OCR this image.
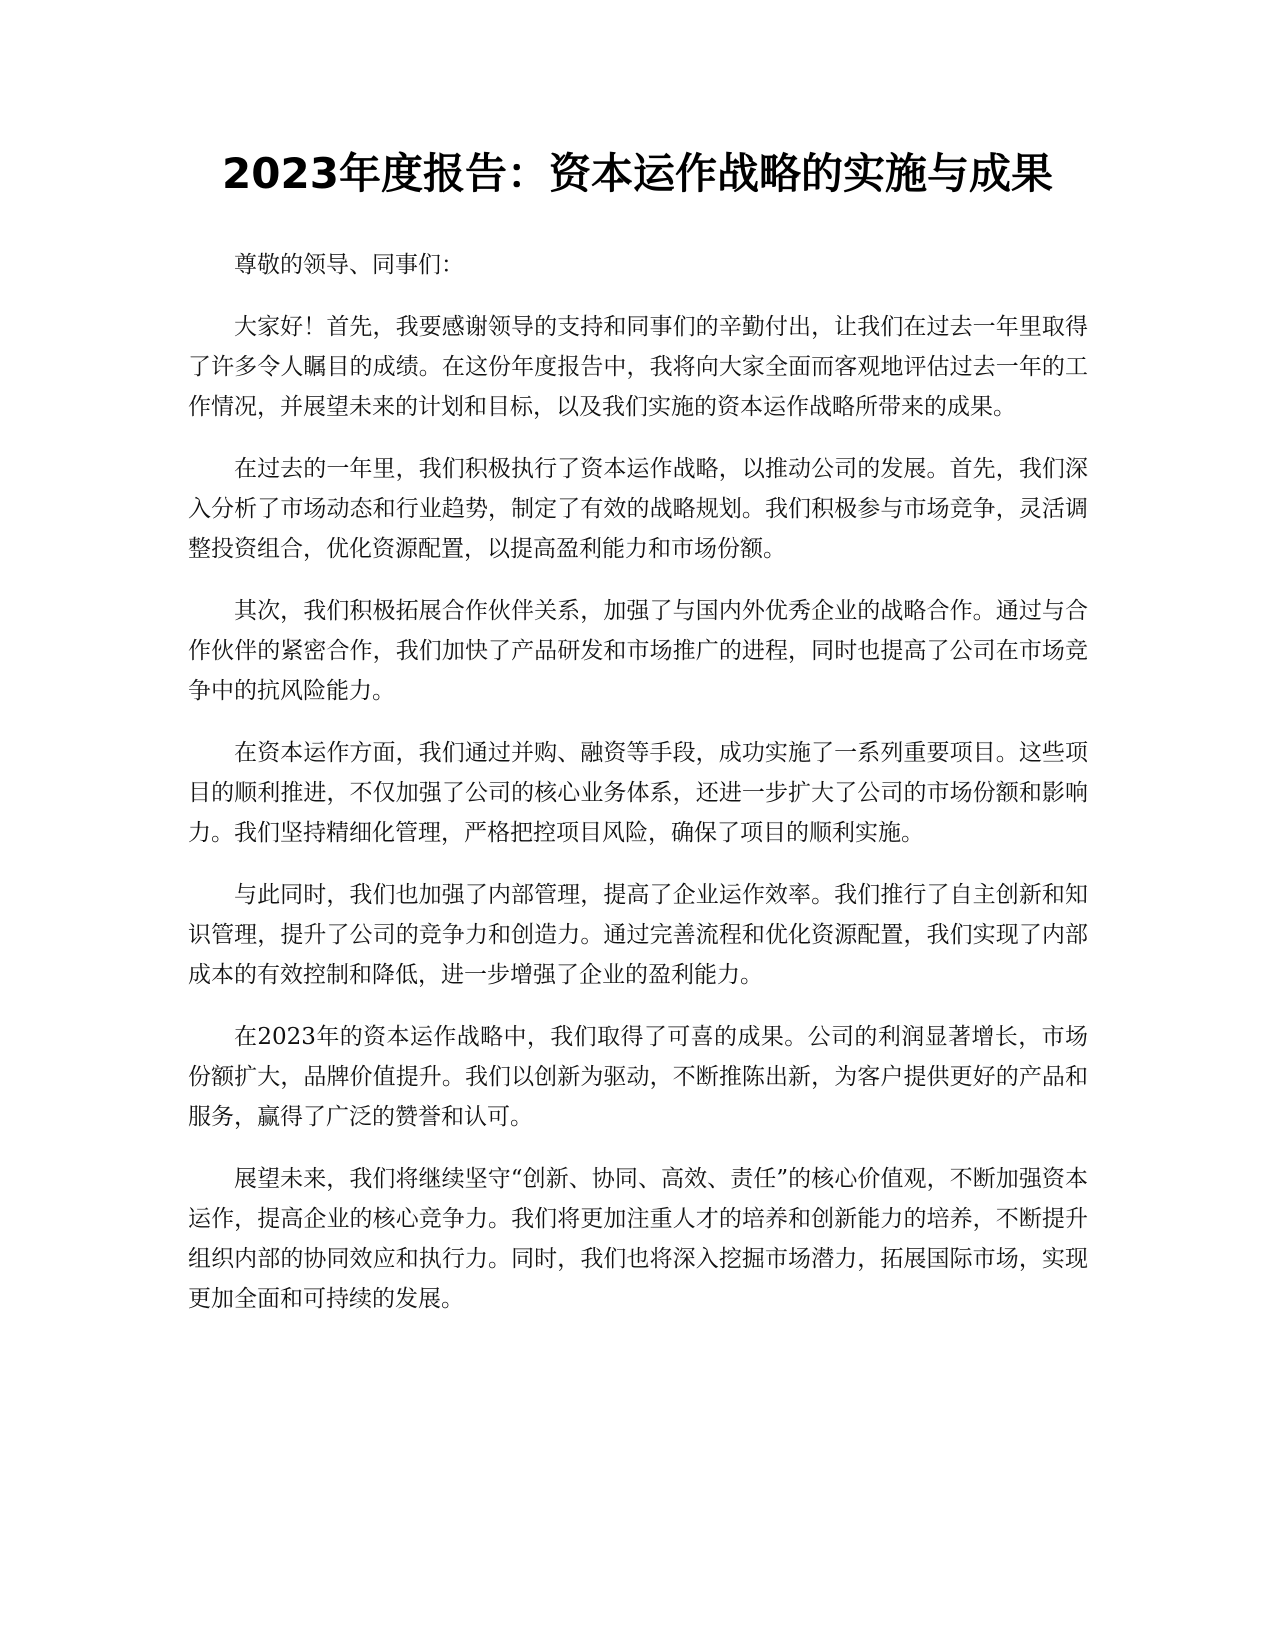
2023年度报告：资本运作战略的实施与成果

尊敬的领导、同事们：

大家好！首先，我要感谢领导的支持和同事们的辛勤付出，让我们在过去一年里取得了许多令人瞩目的成绩。在这份年度报告中，我将向大家全面而客观地评估过去一年的工作情况，并展望未来的计划和目标，以及我们实施的资本运作战略所带来的成果。

在过去的一年里，我们积极执行了资本运作战略，以推动公司的发展。首先，我们深入分析了市场动态和行业趋势，制定了有效的战略规划。我们积极参与市场竞争，灵活调整投资组合，优化资源配置，以提高盈利能力和市场份额。

其次，我们积极拓展合作伙伴关系，加强了与国内外优秀企业的战略合作。通过与合作伙伴的紧密合作，我们加快了产品研发和市场推广的进程，同时也提高了公司在市场竞争中的抗风险能力。

在资本运作方面，我们通过并购、融资等手段，成功实施了一系列重要项目。这些项目的顺利推进，不仅加强了公司的核心业务体系，还进一步扩大了公司的市场份额和影响力。我们坚持精细化管理，严格把控项目风险，确保了项目的顺利实施。

与此同时，我们也加强了内部管理，提高了企业运作效率。我们推行了自主创新和知识管理，提升了公司的竞争力和创造力。通过完善流程和优化资源配置，我们实现了内部成本的有效控制和降低，进一步增强了企业的盈利能力。

在2023年的资本运作战略中，我们取得了可喜的成果。公司的利润显著增长，市场份额扩大，品牌价值提升。我们以创新为驱动，不断推陈出新，为客户提供更好的产品和服务，赢得了广泛的赞誉和认可。

展望未来，我们将继续坚守“创新、协同、高效、责任”的核心价值观，不断加强资本运作，提高企业的核心竞争力。我们将更加注重人才的培养和创新能力的培养，不断提升组织内部的协同效应和执行力。同时，我们也将深入挖掘市场潜力，拓展国际市场，实现更加全面和可持续的发展。
